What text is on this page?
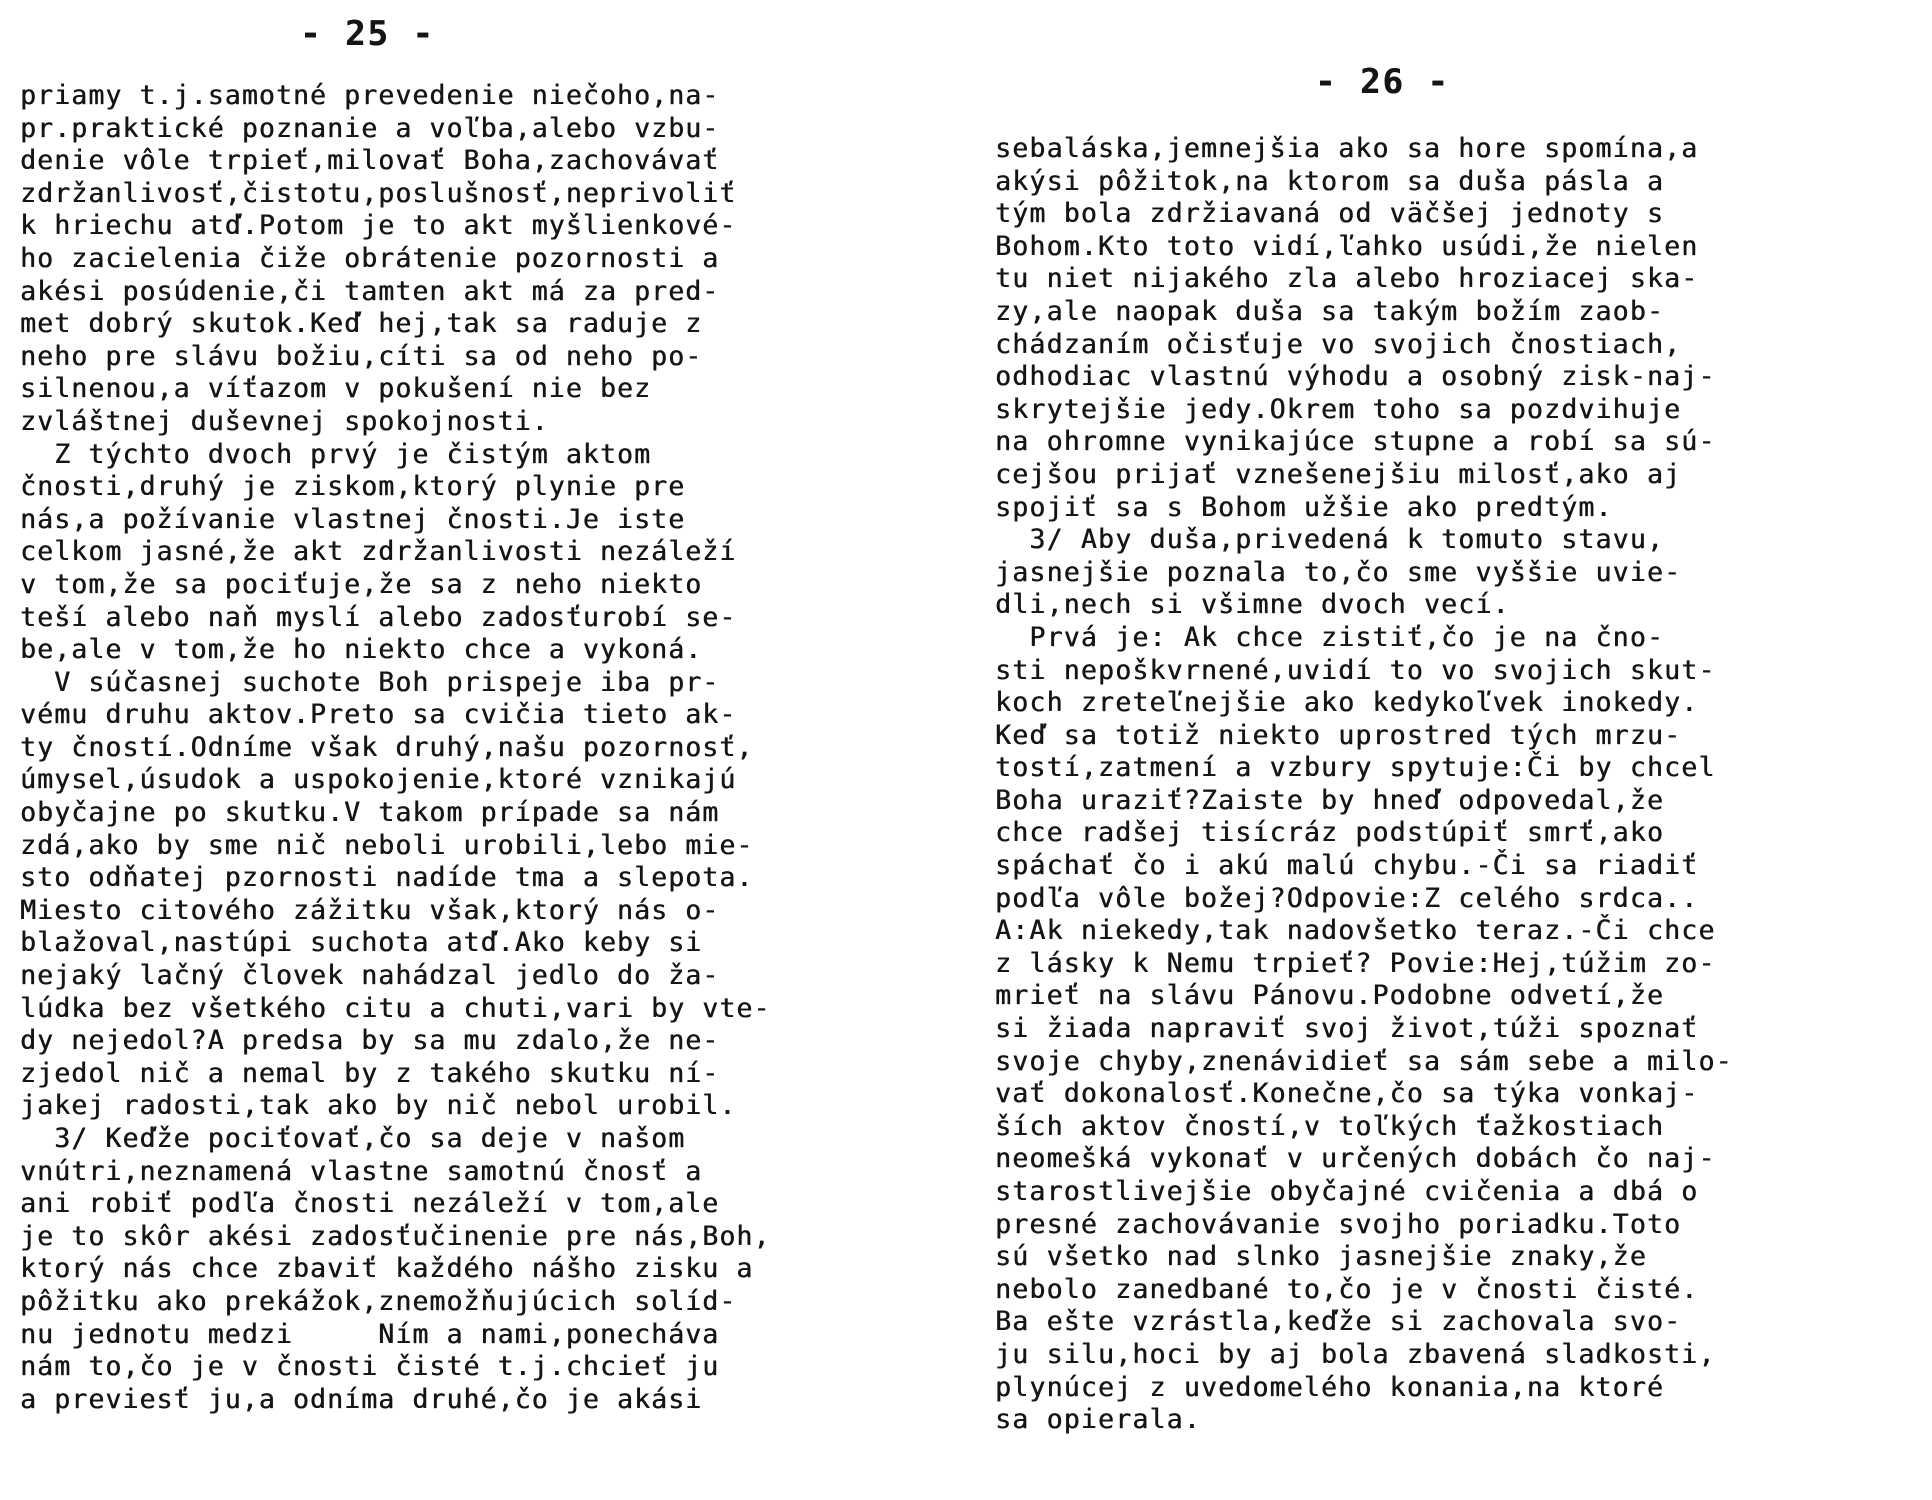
- 25 -
priamy t.j.samotné prevedenie niečoho,na-
pr.praktické poznanie a voľba,alebo vzbu-
denie vôle trpieť,milovať Boha,zachovávať
zdržanlivosť,čistotu,poslušnosť,neprivoliť
k hriechu atď.Potom je to akt myšlienkové-
ho zacielenia čiže obrátenie pozornosti a
akési posúdenie,či tamten akt má za pred-
met dobrý skutok.Keď hej,tak sa raduje z
neho pre slávu božiu,cíti sa od neho po-
silnenou,a víťazom v pokušení nie bez
zvláštnej duševnej spokojnosti.
Z týchto dvoch prvý je čistým aktom
čnosti,druhý je ziskom,ktorý plynie pre
nás,a požívanie vlastnej čnosti.Je iste
celkom jasné,že akt zdržanlivosti nezáleží
v tom,že sa pociťuje,že sa z neho niekto
teší alebo naň myslí alebo zadosťurobí se-
be,ale v tom,že ho niekto chce a vykoná.
V súčasnej suchote Boh prispeje iba pr-
vému druhu aktov.Preto sa cvičia tieto ak-
ty čností.Odníme však druhý,našu pozornosť,
úmysel,úsudok a uspokojenie,ktoré vznikajú
obyčajne po skutku.V takom prípade sa nám
zdá,ako by sme nič neboli urobili,lebo mie-
sto odňatej pzornosti nadíde tma a slepota.
Miesto citového zážitku však,ktorý nás o-
blažoval,nastúpi suchota atď.Ako keby si
nejaký lačný človek nahádzal jedlo do ža-
lúdka bez všetkého citu a chuti,vari by vte-
dy nejedol?A predsa by sa mu zdalo,že ne-
zjedol nič a nemal by z takého skutku ní-
jakej radosti,tak ako by nič nebol urobil.
3/ Keďže pociťovať,čo sa deje v našom
vnútri,neznamená vlastne samotnú čnosť a
ani robiť podľa čnosti nezáleží v tom,ale
je to skôr akési zadosťučinenie pre nás,Boh,
ktorý nás chce zbaviť každého nášho zisku a
pôžitku ako prekážok,znemožňujúcich solíd-
nu jednotu medzi     Ním a nami,ponecháva
nám to,čo je v čnosti čisté t.j.chcieť ju
a previesť ju,a odníma druhé,čo je akási
- 26 -
sebaláska,jemnejšia ako sa hore spomína,a
akýsi pôžitok,na ktorom sa duša pásla a
tým bola zdržiavaná od väčšej jednoty s
Bohom.Kto toto vidí,ľahko usúdi,že nielen
tu niet nijakého zla alebo hroziacej ska-
zy,ale naopak duša sa takým božím zaob-
chádzaním očisťuje vo svojich čnostiach,
odhodiac vlastnú výhodu a osobný zisk-naj-
skrytejšie jedy.Okrem toho sa pozdvihuje
na ohromne vynikajúce stupne a robí sa sú-
cejšou prijať vznešenejšiu milosť,ako aj
spojiť sa s Bohom užšie ako predtým.
3/ Aby duša,privedená k tomuto stavu,
jasnejšie poznala to,čo sme vyššie uvie-
dli,nech si všimne dvoch vecí.
Prvá je: Ak chce zistiť,čo je na čno-
sti nepoškvrnené,uvidí to vo svojich skut-
koch zreteľnejšie ako kedykoľvek inokedy.
Keď sa totiž niekto uprostred tých mrzu-
tostí,zatmení a vzbury spytuje:Či by chcel
Boha uraziť?Zaiste by hneď odpovedal,že
chce radšej tisícráz podstúpiť smrť,ako
spáchať čo i akú malú chybu.-Či sa riadiť
podľa vôle božej?Odpovie:Z celého srdca..
A:Ak niekedy,tak nadovšetko teraz.-Či chce
z lásky k Nemu trpieť? Povie:Hej,túžim zo-
mrieť na slávu Pánovu.Podobne odvetí,že
si žiada napraviť svoj život,túži spoznať
svoje chyby,znenávidieť sa sám sebe a milo-
vať dokonalosť.Konečne,čo sa týka vonkaj-
ších aktov čností,v toľkých ťažkostiach
neomešká vykonať v určených dobách čo naj-
starostlivejšie obyčajné cvičenia a dbá o
presné zachovávanie svojho poriadku.Toto
sú všetko nad slnko jasnejšie znaky,že
nebolo zanedbané to,čo je v čnosti čisté.
Ba ešte vzrástla,keďže si zachovala svo-
ju silu,hoci by aj bola zbavená sladkosti,
plynúcej z uvedomelého konania,na ktoré
sa opierala.
